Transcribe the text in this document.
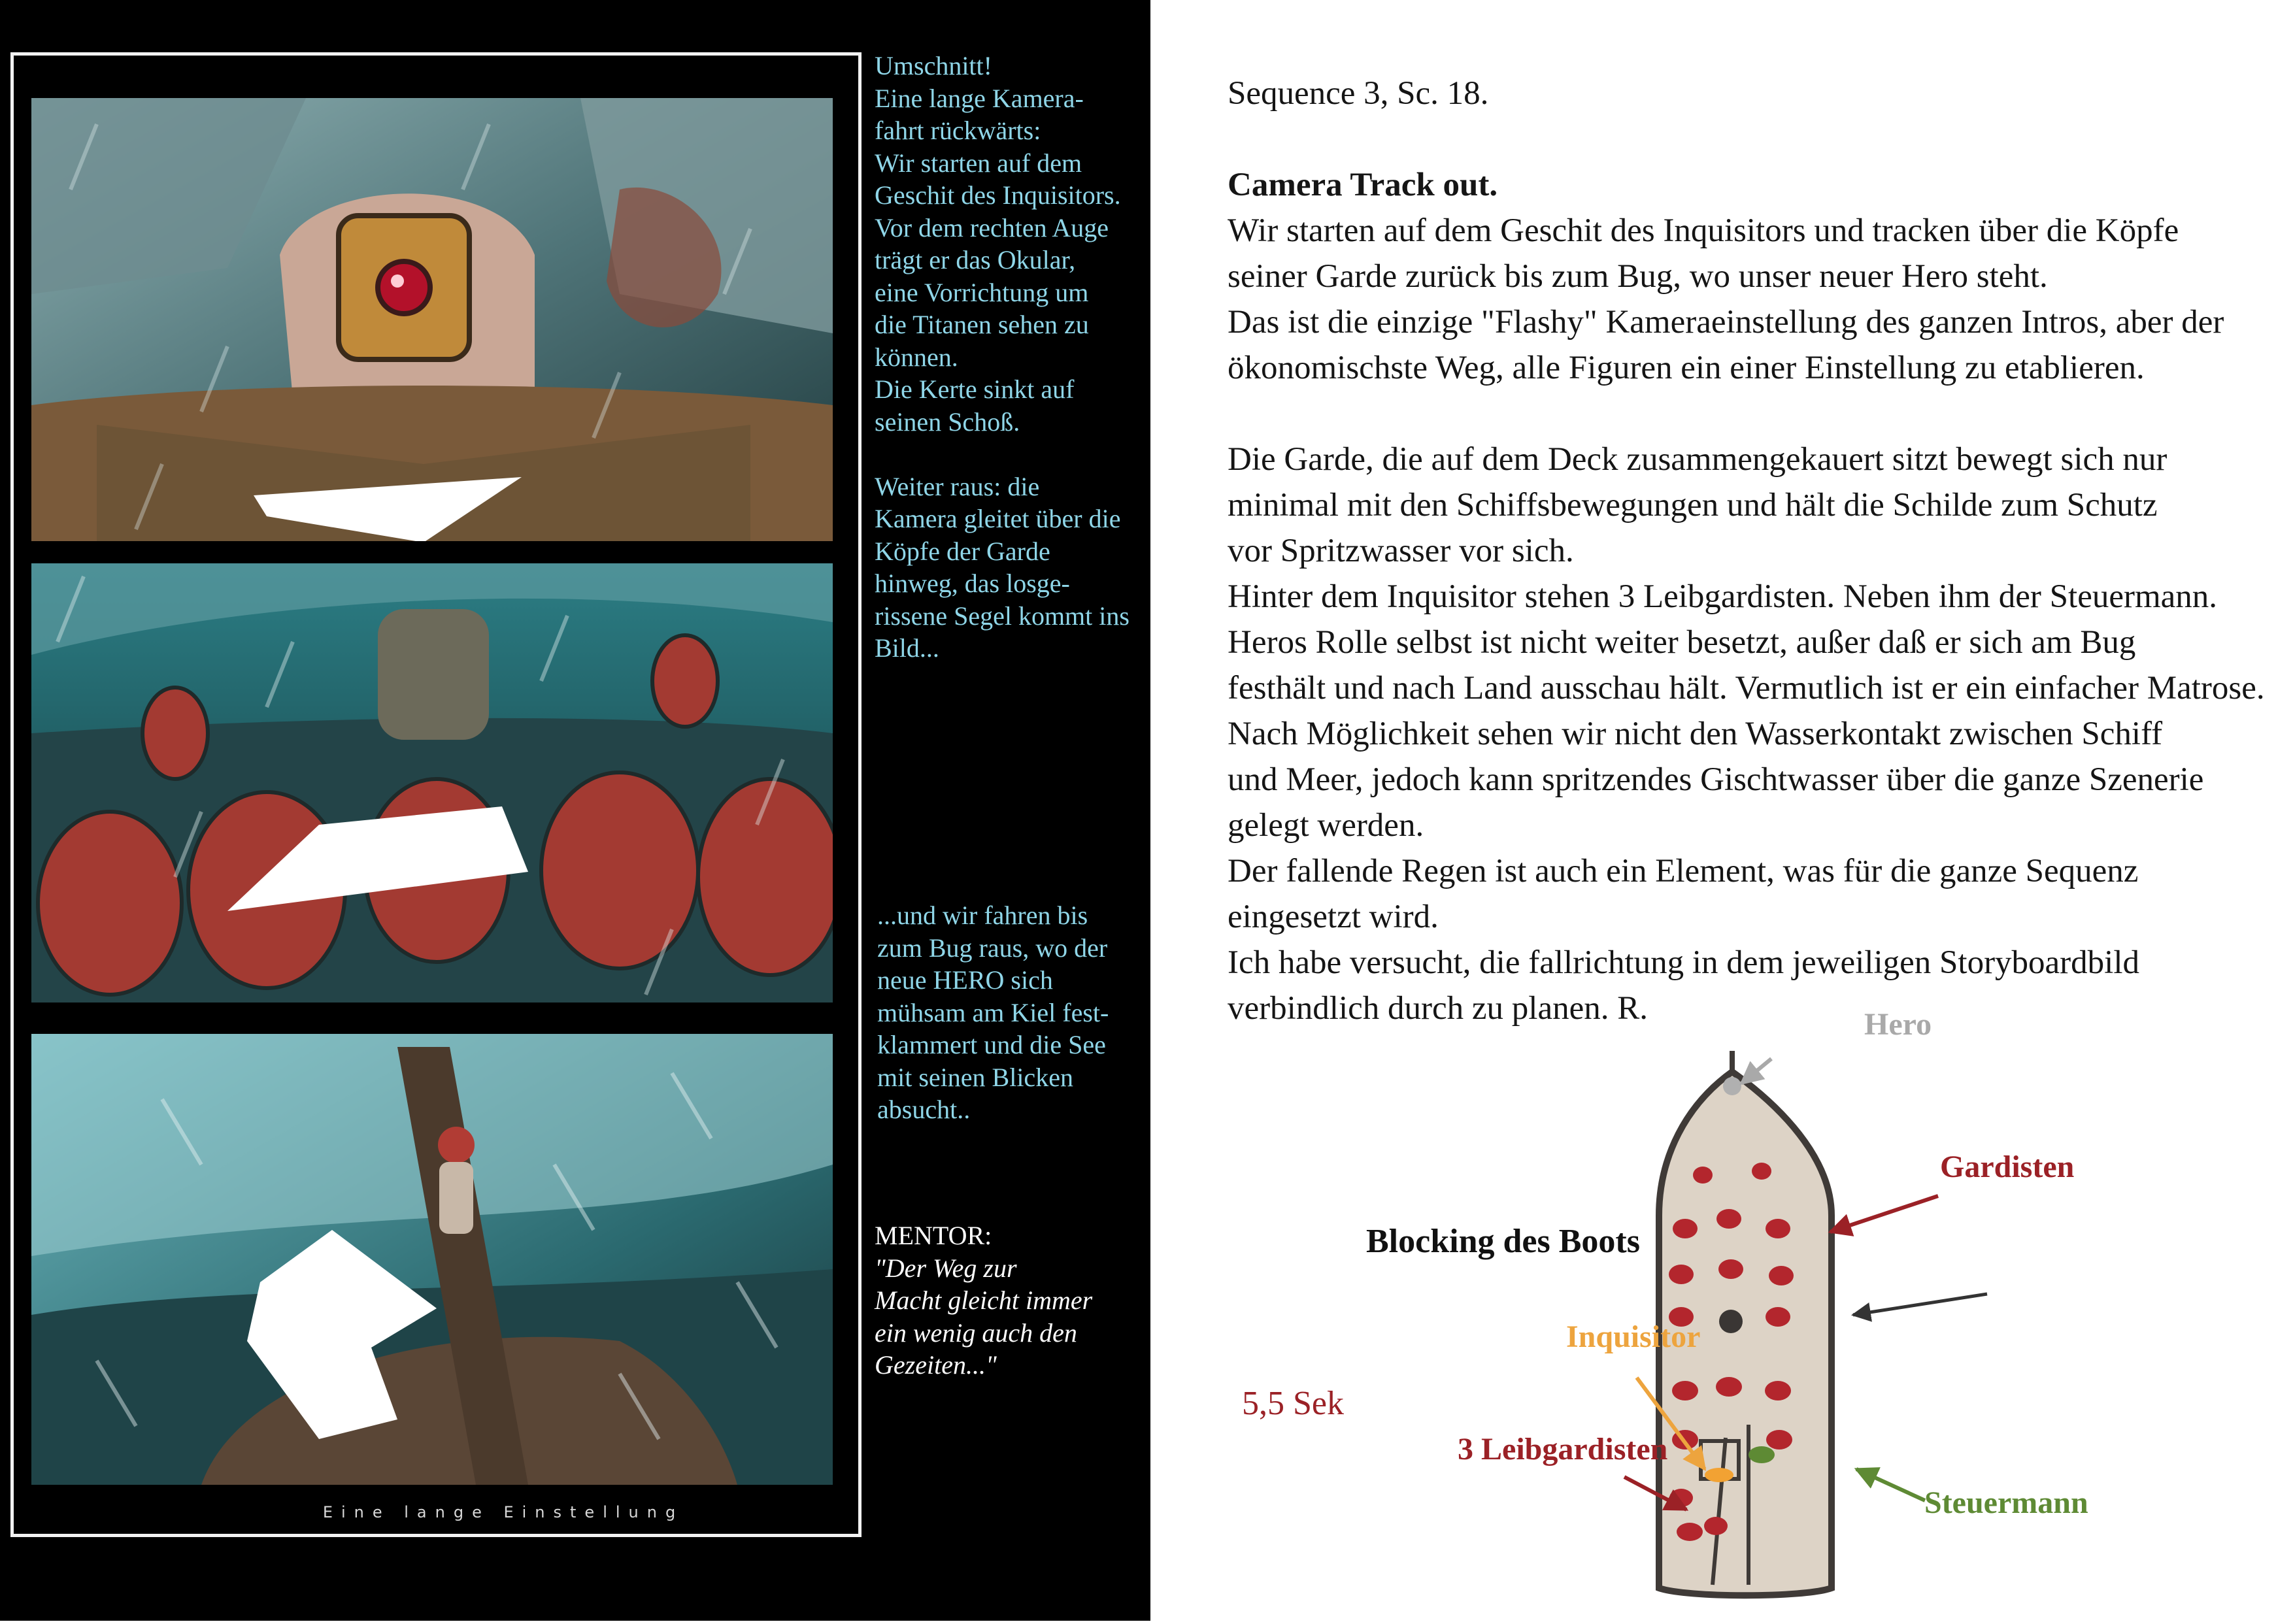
Eine lange Einstellung

Umschnitt!

Eine lange Kamera-

fahrt rückwärts:

Wir starten auf dem

Geschit des Inquisitors.

Vor dem rechten Auge

trägt er das Okular,

eine Vorrichtung um

die Titanen sehen zu

können.

Die Kerte sinkt auf

seinen Schoß.

Weiter raus: die

Kamera gleitet über die

Köpfe der Garde

hinweg, das losge-

rissene Segel kommt ins

Bild...

...und wir fahren bis

zum Bug raus, wo der

neue HERO sich

mühsam am Kiel fest-

klammert und die See

mit seinen Blicken

absucht..

MENTOR:

"Der Weg zur

Macht gleicht immer

ein wenig auch den

Gezeiten..."

Sequence 3, Sc. 18.

Camera Track out.

Wir starten auf dem Geschit des Inquisitors und tracken über die Köpfe

seiner Garde zurück bis zum Bug, wo unser neuer Hero steht.

Das ist die einzige "Flashy" Kameraeinstellung des ganzen Intros, aber der

ökonomischste Weg, alle Figuren ein einer Einstellung zu etablieren.

Die Garde, die auf dem Deck zusammengekauert sitzt bewegt sich nur

minimal mit den Schiffsbewegungen und hält die Schilde zum Schutz

vor Spritzwasser vor sich.

Hinter dem Inquisitor stehen 3 Leibgardisten. Neben ihm der Steuermann.

Heros Rolle selbst ist nicht weiter besetzt, außer daß er sich am Bug

festhält und nach Land ausschau hält. Vermutlich ist er ein einfacher Matrose.

Nach Möglichkeit sehen wir nicht den Wasserkontakt zwischen Schiff

und Meer, jedoch kann spritzendes Gischtwasser über die ganze Szenerie

gelegt werden.

Der fallende Regen ist auch ein Element, was für die ganze Sequenz

eingesetzt wird.

Ich habe versucht, die fallrichtung in dem jeweiligen Storyboardbild

verbindlich durch zu planen. R.

Blocking des Boots
Hero
Gardisten
Inquisitor
3 Leibgardisten
Steuermann
5,5 Sek
